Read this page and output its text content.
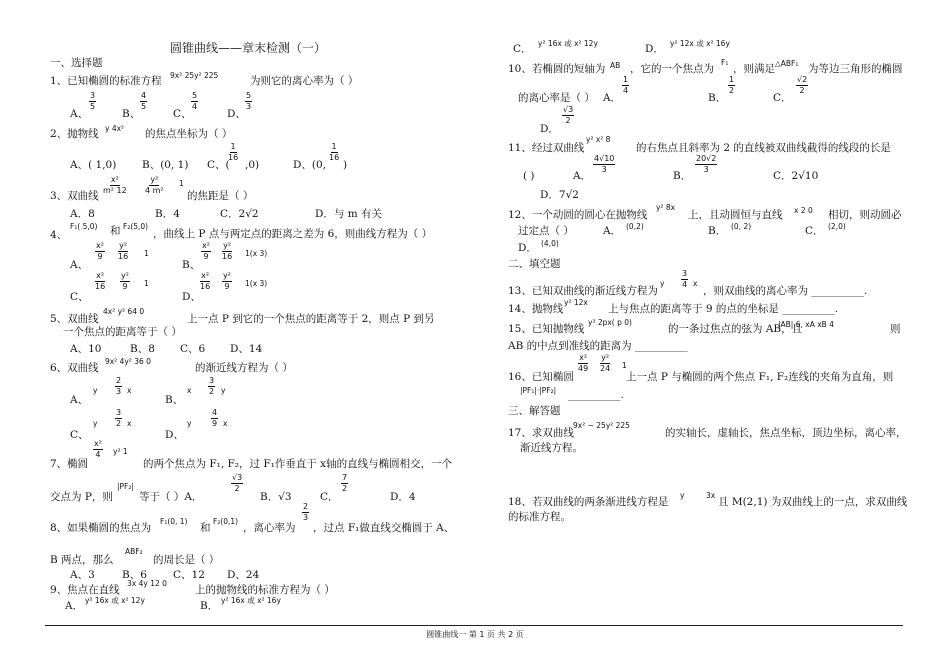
圆锥曲线——章末检测（一）
一、选择题
1、已知椭圆的标准方程 9x² 25y² 225	为则它的离心率为（ ）
A、
$\frac{3}{5}$
B、
$\frac{4}{5}$
C、
$\frac{5}{4}$
D、
$\frac{5}{3}$
2、抛物线 y 4x² 的焦点坐标为（ ）
A、( 1,0) B、(0, 1) C、(
$\frac{1}{16}$
,0)	D、(0,
$\frac{1}{16}$
)
3、双曲线
$\frac{\text{x²}}{\text{m² 12}} \frac{\text{y²}}{\text{4 m²}} 1$
的焦距是（ ）
A．8	B．4	C．2√2	D．与 m 有关
4、
F₁( 5,0) 和 F₂(5,0)
，曲线上 P 点与两定点的距离之差为 6，则曲线方程为（ ）
A、
$\frac{\text{x²}}{9} \frac{\text{y²}}{16} 1$
B、
$\frac{\text{x²}}{9} \frac{\text{y²}}{16} 1(x$ 3)
C、
$\frac{\text{x²}}{16} \frac{\text{y²}}{9} 1$
D、
$\frac{\text{x²}}{16} \frac{\text{y²}}{9} 1(x$ 3)
5、双曲线
4x² y² 64 0
上一点 P 到它的一个焦点的距离等于 2，则点 P 到另
一个焦点的距离等于（ ）
A、10	B、8 C、6 D、14
6、双曲线
9x² 4y² 36 0
的渐近线方程为（ ）
A、
y $\frac{2}{3}$ x
B、
x $\frac{3}{2}$ y
C、
y $\frac{3}{2}$ x
D、
y $\frac{4}{9}$ x
7、椭圆
$\frac{\text{x²}}{4} y^2$ 1
的两个焦点为 F₁, F₂，过 F₁作垂直于 x轴的直线与椭圆相交，一个
交点为 P，则
|PF₂|
等于（ ）A．
$\frac{√3}{2}$
B．√3	C．
$\frac{7}{2}$
D．4
8、如果椭圆的焦点为
F₁(0, 1)
和
F₂(0,1)
，离心率为
$\frac{2}{3}$
，过点 F₁做直线交椭圆于 A、
B 两点，那么
ABF₂
的周长是（ ）
A、3	B、6 C、12 D、24
9、焦点在直线
3x 4y 12 0
上的抛物线的标准方程为（ ）
A． y² 16x 或 x² 12y	B． y² 16x 或 x² 16y
C． y² 16x 或 x² 12y	D． y² 12x 或 x² 16y
10、若椭圆的短轴为 AB ，它的一个焦点为
F₁
，则满足 △ABF₁ 为等边三角形的椭圆
的离心率是（ ） A．
$\frac{1}{4}$
B．
$\frac{1}{2}$
C．
$\frac{√2}{2}$
D．
$\frac{√3}{2}$
11、经过双曲线
y² x² 8
的右焦点且斜率为 2 的直线被双曲线截得的线段的长是
( )	A．
$\frac{4√10}{3}$
B．
$\frac{20√2}{3}$
C．2√10
D．7√2
12、一个动圆的圆心在抛物线
y² 8x
上，且动圆恒与直线 x 2 0 相切，则动圆必
过定点（ ）	A． (0,2)	B． (0, 2)	C． (2,0)
D． (4,0)
二、填空题
13、已知双曲线的渐近线方程为
y $\frac{3}{4}$ x
，则双曲线的离心率为 __________.
14、抛物线
y² 12x
上与焦点的距离等于 9 的点的坐标是 __________.
15、已知抛物线
y² 2px( p 0)
的一条过焦点的弦为 AB，且
|AB| 6, xA xB 4	则
AB 的中点到准线的距离为 __________
16、已知椭圆
$\frac{\text{x²}}{49} \frac{\text{y²}}{24} 1$
上一点 P 与椭圆的两个焦点 F₁, F₂连线的夹角为直角，则
|PF₁|·|PF₂| __________.
三、解答题
17、求双曲线
9x² − 25y² 225
的实轴长，虚轴长，焦点坐标，顶边坐标，离心率，
渐近线方程。
18、若双曲线的两条渐进线方程是
y	3x
且 M(2,1) 为双曲线上的一点，求双曲线
的标准方程。
圆锥曲线一 第 1 页 共 2 页
